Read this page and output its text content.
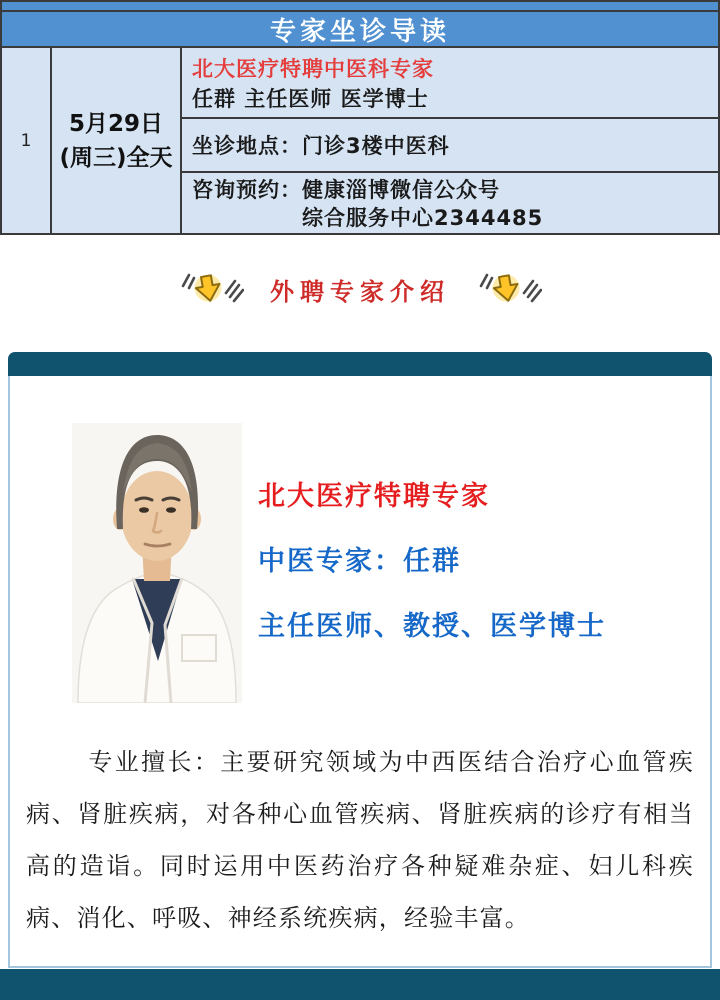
专家坐诊导读
1
5月29日
(周三)全天
北大医疗特聘中医科专家
任群 主任医师 医学博士
坐诊地点：门诊3楼中医科
咨询预约：健康淄博微信公众号
综合服务中心2344485
外聘专家介绍
北大医疗特聘专家
中医专家：任群
主任医师、教授、医学博士
专业擅长：主要研究领域为中西医结合治疗心血管疾病、肾脏疾病，对各种心血管疾病、肾脏疾病的诊疗有相当高的造诣。同时运用中医药治疗各种疑难杂症、妇儿科疾病、消化、呼吸、神经系统疾病，经验丰富。
